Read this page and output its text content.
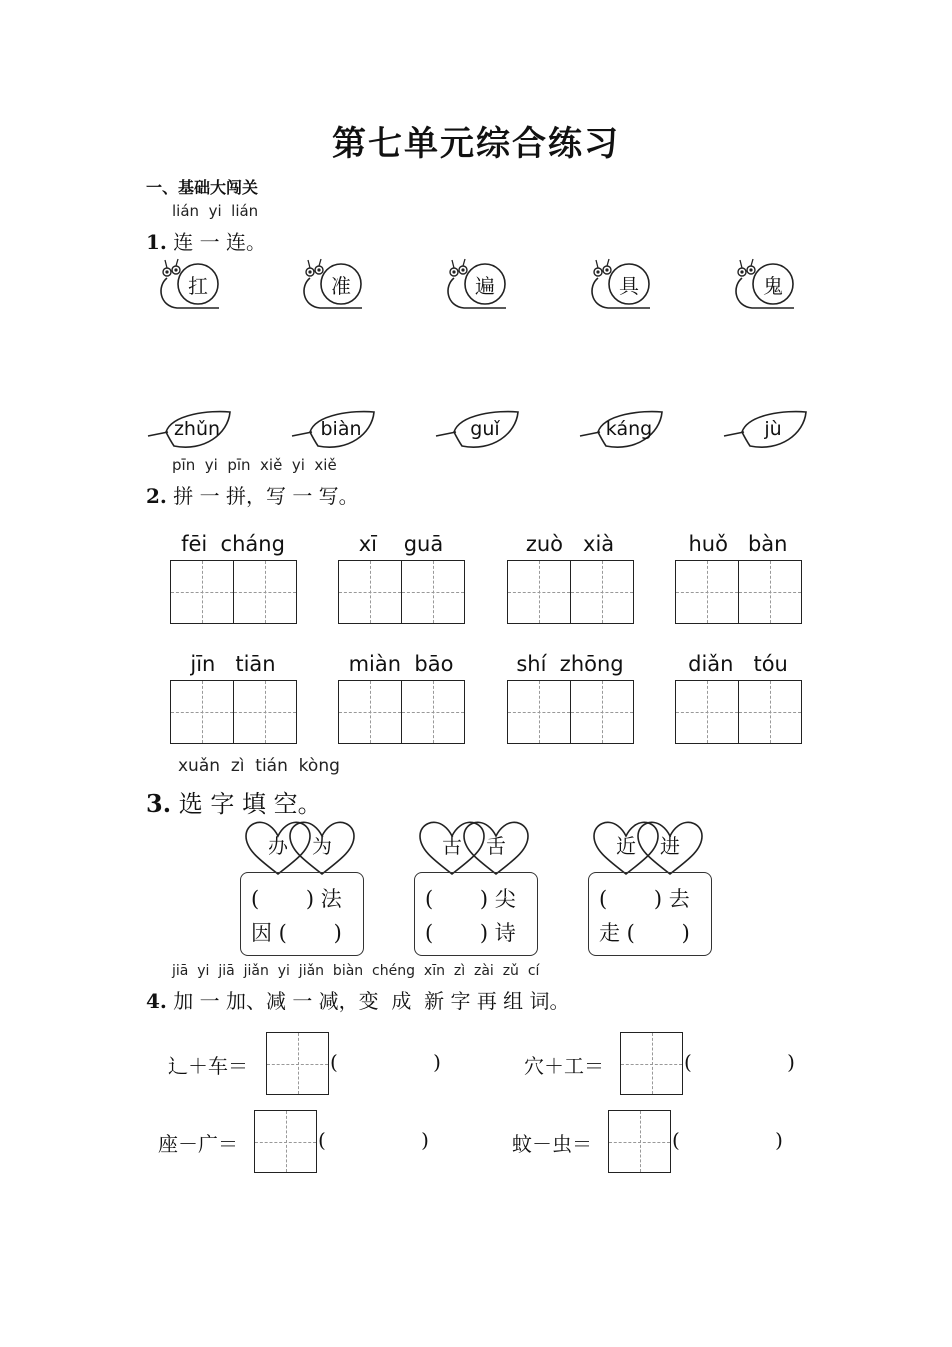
第七单元综合练习
一、基础大闯关
lián  yi  lián
1. 连 一 连。
扛	准	遍	具	鬼
zhǔn	biàn	guǐ	káng	jù
pīn  yi  pīn  xiě  yi  xiě
2. 拼 一 拼，写 一 写。
fēi  cháng	xī    guā	zuò   xià	huǒ   bàn
jīn   tiān	miàn  bāo	shí  zhōng	diǎn   tóu
xuǎn  zì  tián  kòng
3. 选 字 填 空。
办 为
(       ) 法
因 (       )
古 舌
(       ) 尖
(       ) 诗
近 进
(       ) 去
走 (       )
jiā  yi  jiā  jiǎn  yi  jiǎn  biàn  chéng  xīn  zì  zài  zǔ  cí
4. 加 一 加、减 一 减，变  成  新 字 再 组 词。
辶＋车＝	(               )	穴＋工＝	(               )
座－广＝	(               )	蚊－虫＝	(               )
